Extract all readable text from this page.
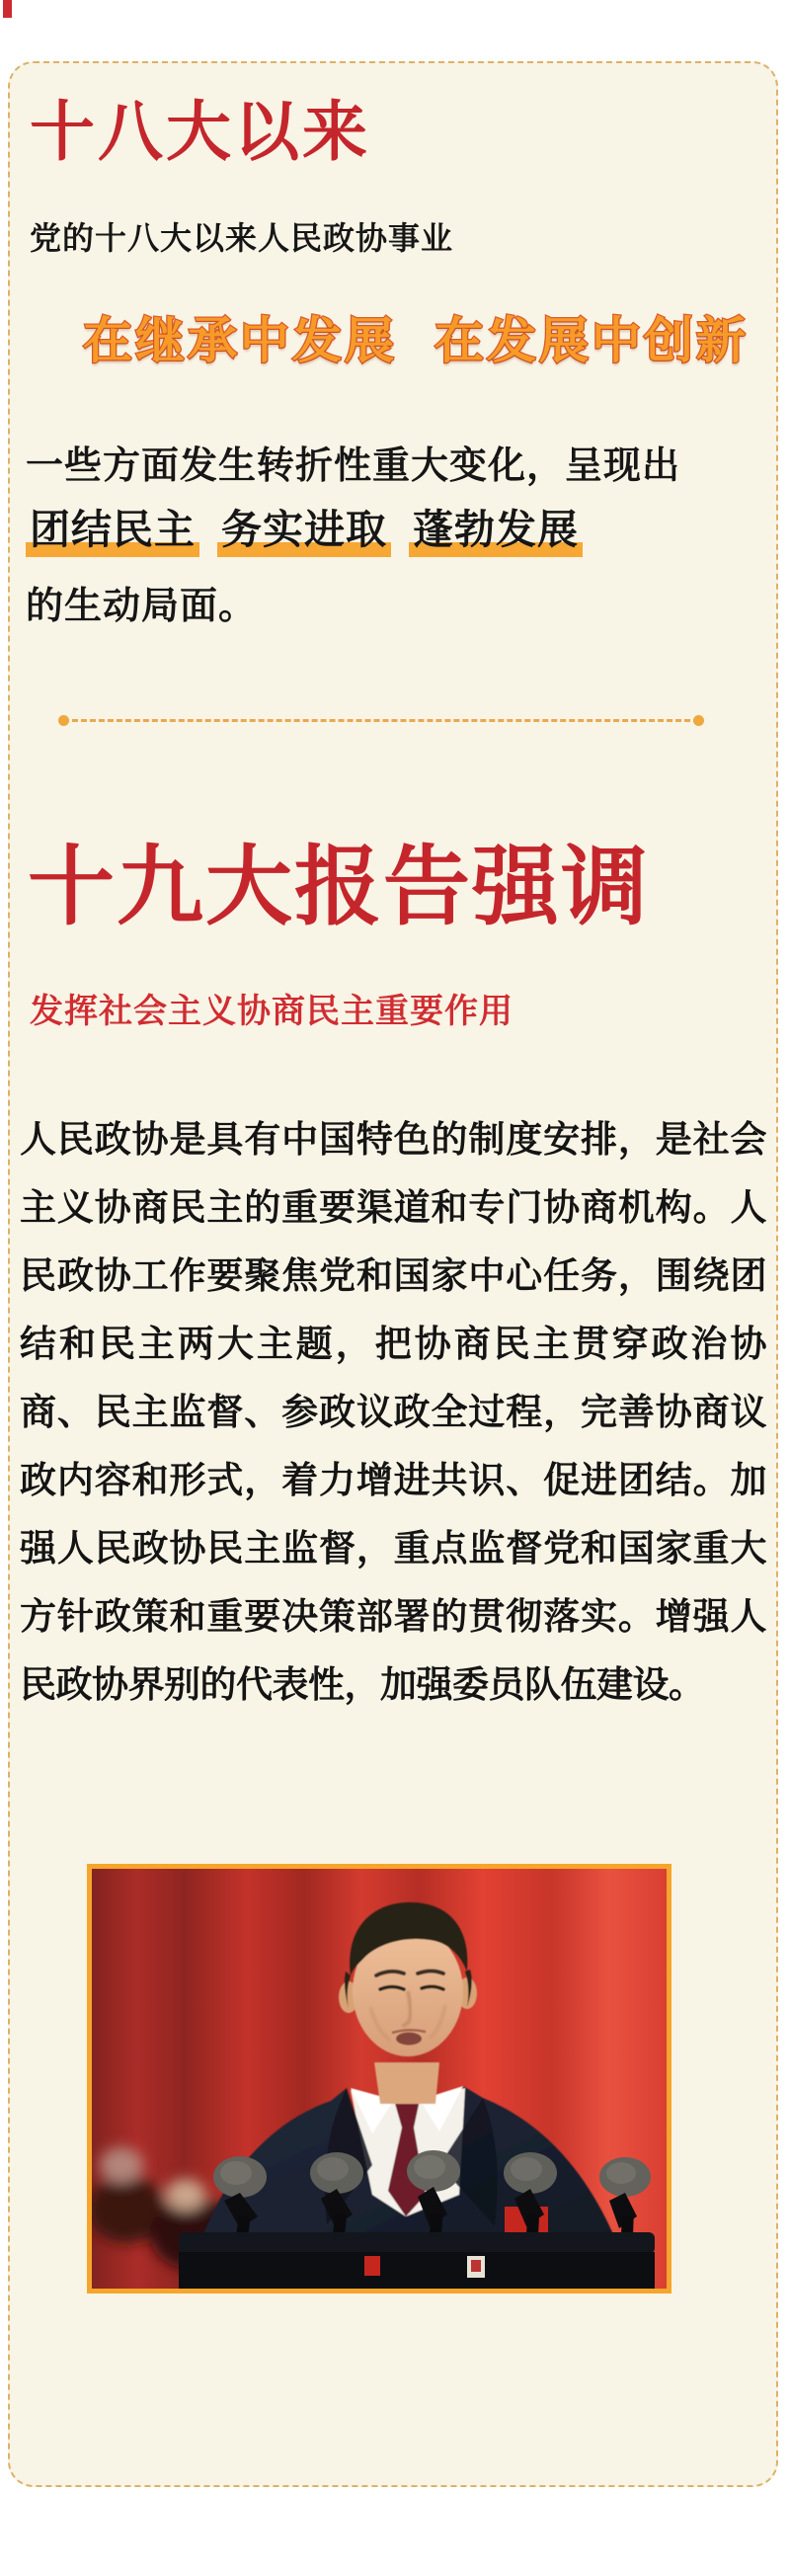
十八大以来
党的十八大以来人民政协事业
在继承中发展 在发展中创新
一些方面发生转折性重大变化，呈现出
团结民主 务实进取 蓬勃发展
的生动局面。
十九大报告强调
发挥社会主义协商民主重要作用
人民政协是具有中国特色的制度安排，是社会主义协商民主的重要渠道和专门协商机构。人民政协工作要聚焦党和国家中心任务，围绕团结和民主两大主题，把协商民主贯穿政治协商、民主监督、参政议政全过程，完善协商议政内容和形式，着力增进共识、促进团结。加强人民政协民主监督，重点监督党和国家重大方针政策和重要决策部署的贯彻落实。增强人民政协界别的代表性，加强委员队伍建设。
